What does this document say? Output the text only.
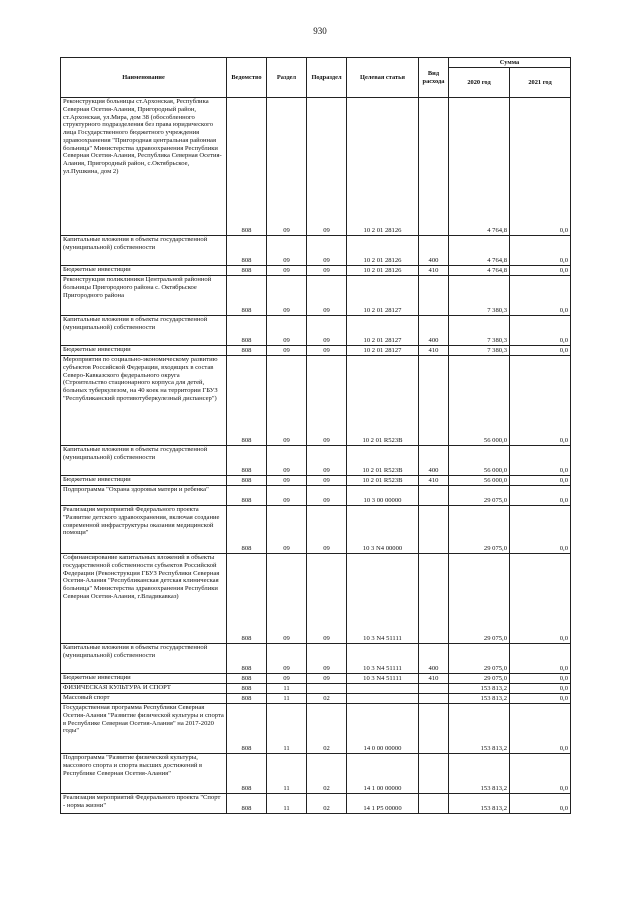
930
Наименование	Ведомство	Раздел	Подраздел	Целевая статья	Вид расхода	Сумма	
						2020 год	2021 год
Реконструкция больницы ст.Архонская, Республика Северная Осетия-Алания, Пригородный район, ст.Архонская, ул.Мира, дом 38 (обособленного структурного подразделения без права юридического лица Государственного бюджетного учреждения здравоохранения "Пригородная центральная районная больница" Министерства здравоохранения Республики Северная Осетия-Алания, Республика Северная Осетия-Алания, Пригородный район, с.Октябрьское, ул.Пушкина, дом 2)	808	09	09	10 2 01 28126		4 764,8	0,0
Капитальные вложения в объекты государственной (муниципальной) собственности	808	09	09	10 2 01 28126	400	4 764,8	0,0
Бюджетные инвестиции	808	09	09	10 2 01 28126	410	4 764,8	0,0
Реконструкция поликлиники Центральной районной больницы Пригородного района с. Октябрьское Пригородного района	808	09	09	10 2 01 28127		7 380,3	0,0
Капитальные вложения в объекты государственной (муниципальной) собственности	808	09	09	10 2 01 28127	400	7 380,3	0,0
Бюджетные инвестиции	808	09	09	10 2 01 28127	410	7 380,3	0,0
Мероприятия по социально-экономическому развитию субъектов Российской Федерации, входящих в состав Северо-Кавказского федерального округа (Строительство стационарного корпуса для детей, больных туберкулезом, на 40 коек на территории ГБУЗ "Республиканский противотуберкулезный диспансер")	808	09	09	10 2 01 R523B		56 000,0	0,0
Капитальные вложения в объекты государственной (муниципальной) собственности	808	09	09	10 2 01 R523B	400	56 000,0	0,0
Бюджетные инвестиции	808	09	09	10 2 01 R523B	410	56 000,0	0,0
Подпрограмма "Охрана здоровья матери и ребенка"	808	09	09	10 3 00 00000		29 075,0	0,0
Реализация мероприятий Федерального проекта "Развитие детского здравоохранения, включая создание современной инфраструктуры оказания медицинской помощи"	808	09	09	10 3 N4 00000		29 075,0	0,0
Софинансирование капитальных вложений в объекты государственной собственности субъектов Российской Федерации (Реконструкция ГБУЗ Республики Северная Осетия-Алания "Республиканская детская клиническая больница" Министерства здравоохранения Республики Северная Осетия-Алания, г.Владикавказ)	808	09	09	10 3 N4 51111		29 075,0	0,0
Капитальные вложения в объекты государственной (муниципальной) собственности	808	09	09	10 3 N4 51111	400	29 075,0	0,0
Бюджетные инвестиции	808	09	09	10 3 N4 51111	410	29 075,0	0,0
ФИЗИЧЕСКАЯ КУЛЬТУРА И СПОРТ	808	11				153 813,2	0,0
Массовый спорт	808	11	02			153 813,2	0,0
Государственная программа Республики Северная Осетия-Алания "Развитие физической культуры и спорта в Республике Северная Осетия-Алания" на 2017-2020 годы"	808	11	02	14 0 00 00000		153 813,2	0,0
Подпрограмма "Развитие физической культуры, массового спорта и спорта высших достижений в Республике Северная Осетия-Алания"	808	11	02	14 1 00 00000		153 813,2	0,0
Реализация мероприятий Федерального проекта "Спорт - норма жизни"	808	11	02	14 1 P5 00000		153 813,2	0,0
